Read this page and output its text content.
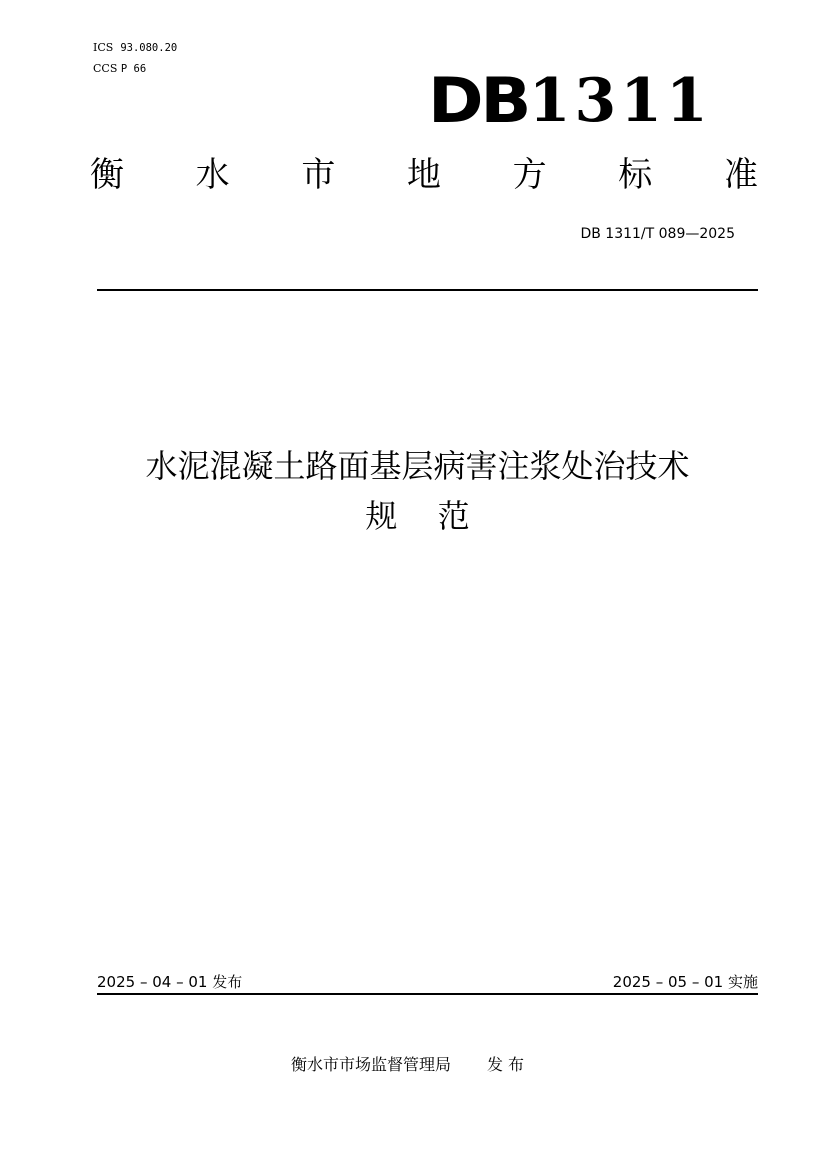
ICS 93.080.20
CCS P 66	DB 1311
衡 水 市 地 方 标 准
DB 1311/T 089—2025
水泥混凝土路面基层病害注浆处治技术
规 范
2025 – 04 – 01 发布	2025 – 05 – 01 实施
衡水市市场监督管理局 发 布
